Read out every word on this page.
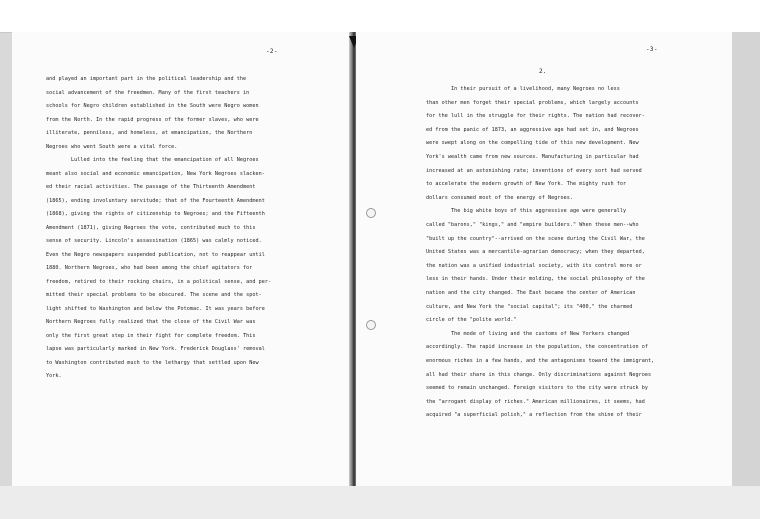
-2-
and played an important part in the political leadership and the
social advancement of the freedmen. Many of the first teachers in
schools for Negro children established in the South were Negro women
from the North. In the rapid progress of the former slaves, who were
illiterate, penniless, and homeless, at emancipation, the Northern
Negroes who went South were a vital force.
Lulled into the feeling that the emancipation of all Negroes
meant also social and economic emancipation, New York Negroes slacken-
ed their racial activities. The passage of the Thirteenth Amendment
(1865), ending involuntary servitude; that of the Fourteenth Amendment
(1868), giving the rights of citizenship to Negroes; and the Fifteenth
Amendment (1871), giving Negroes the vote, contributed much to this
sense of security. Lincoln's assassination (1865) was calmly noticed.
Even the Negro newspapers suspended publication, not to reappear until
1880. Northern Negroes, who had been among the chief agitators for
freedom, retired to their rocking chairs, in a political sense, and per-
mitted their special problems to be obscured. The scene and the spot-
light shifted to Washington and below the Potomac. It was years before
Northern Negroes fully realized that the close of the Civil War was
only the first great step in their fight for complete freedom. This
lapse was particularly marked in New York. Frederick Douglass' removal
to Washington contributed much to the lethargy that settled upon New
York.
-3-
2.
In their pursuit of a livelihood, many Negroes no less
than other men forget their special problems, which largely accounts
for the lull in the struggle for their rights. The nation had recover-
ed from the panic of 1873, an aggressive age had set in, and Negroes
were swept along on the compelling tide of this new development. New
York's wealth came from new sources. Manufacturing in particular had
increased at an astonishing rate; inventions of every sort had served
to accelerate the modern growth of New York. The mighty rush for
dollars consumed most of the energy of Negroes.
The big white boys of this aggressive age were generally
called "barons," "kings," and "empire builders." When these men--who
"built up the country"--arrived on the scene during the Civil War, the
United States was a mercantile-agrarian democracy; when they departed,
the nation was a unified industrial society, with its control more or
less in their hands. Under their molding, the social philosophy of the
nation and the city changed. The East became the center of American
culture, and New York the "social capital"; its "400," the charmed
circle of the "polite world."
The mode of living and the customs of New Yorkers changed
accordingly. The rapid increase in the population, the concentration of
enormous riches in a few hands, and the antagonisms toward the immigrant,
all had their share in this change. Only discriminations against Negroes
seemed to remain unchanged. Foreign visitors to the city were struck by
the "arrogant display of riches." American millionaires, it seems, had
acquired "a superficial polish," a reflection from the shine of their
